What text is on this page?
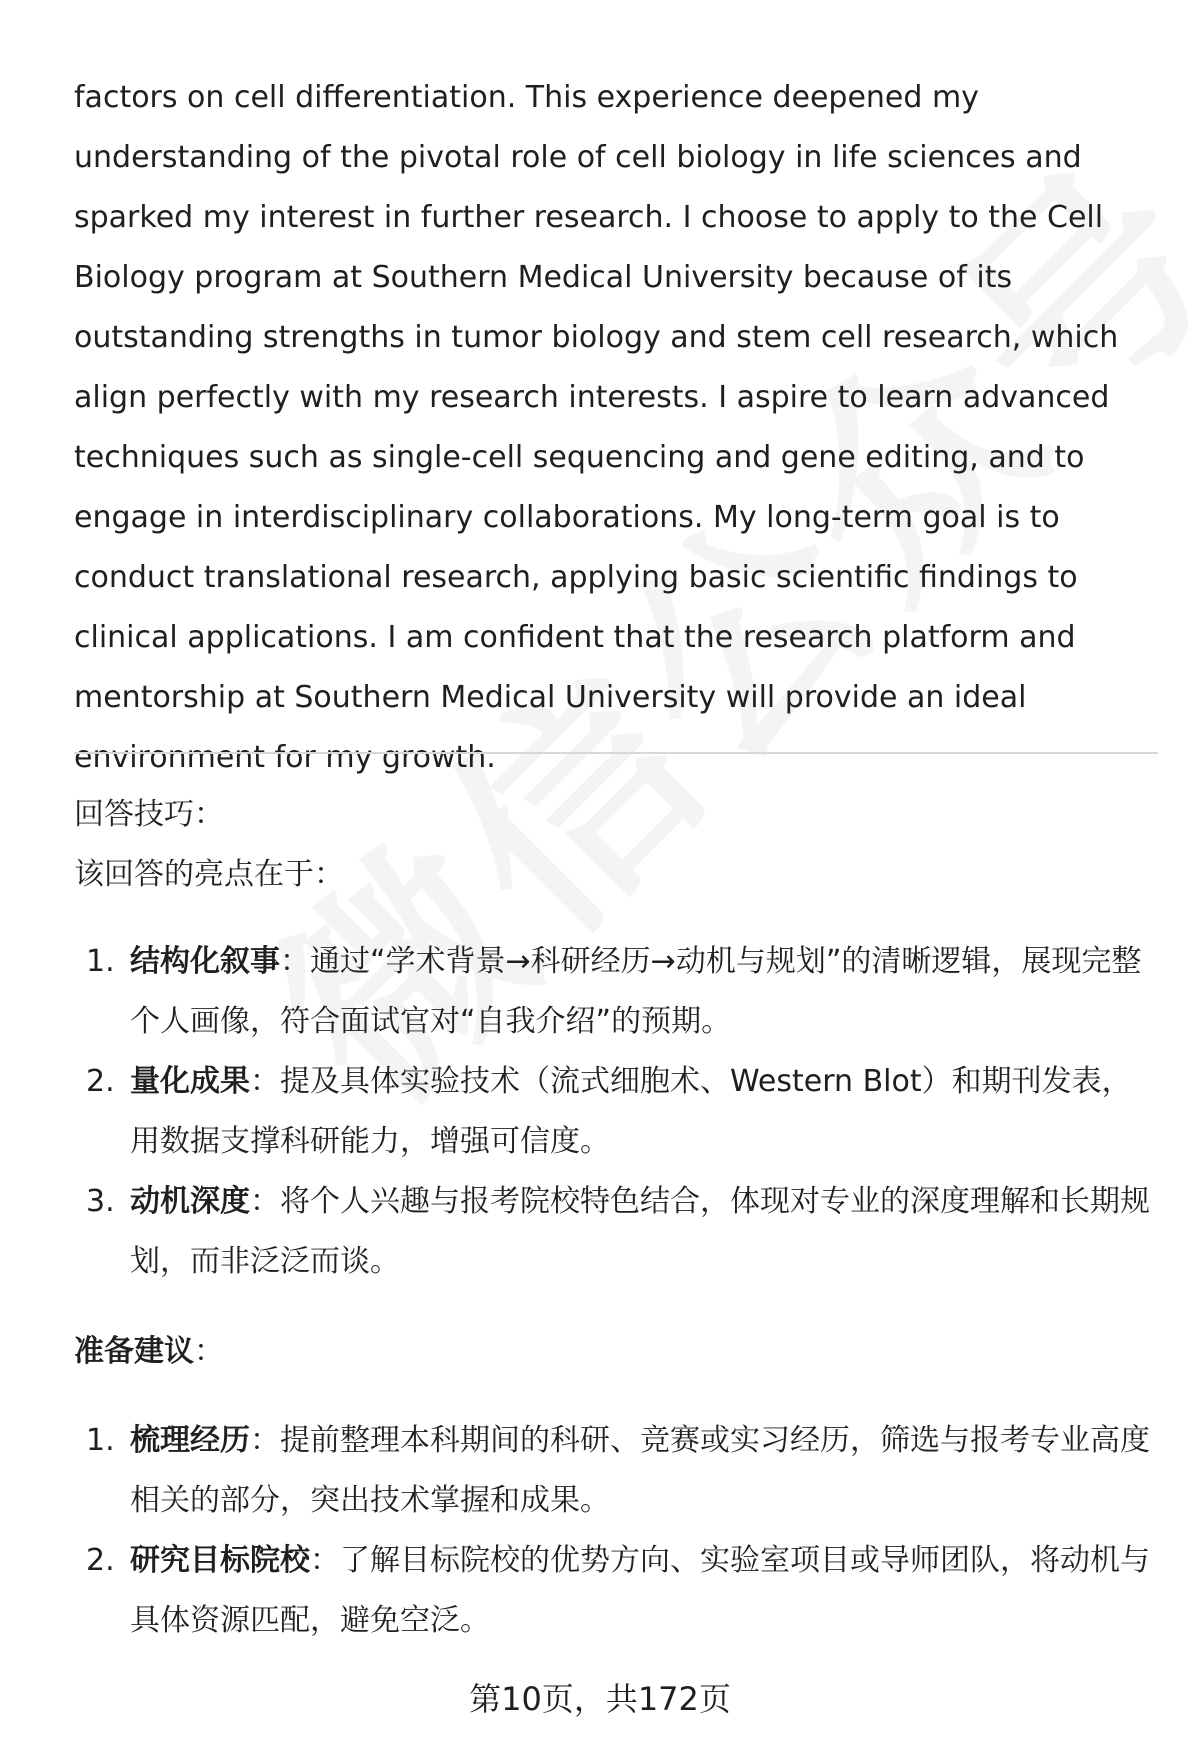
factors on cell differentiation. This experience deepened my understanding of the pivotal role of cell biology in life sciences and sparked my interest in further research. I choose to apply to the Cell Biology program at Southern Medical University because of its outstanding strengths in tumor biology and stem cell research, which align perfectly with my research interests. I aspire to learn advanced techniques such as single-cell sequencing and gene editing, and to engage in interdisciplinary collaborations. My long-term goal is to conduct translational research, applying basic scientific findings to clinical applications. I am confident that the research platform and mentorship at Southern Medical University will provide an ideal environment for my growth.

回答技巧：

该回答的亮点在于：

1. 结构化叙事：通过“学术背景→科研经历→动机与规划”的清晰逻辑，展现完整个人画像，符合面试官对“自我介绍”的预期。
2. 量化成果：提及具体实验技术（流式细胞术、Western Blot）和期刊发表，用数据支撑科研能力，增强可信度。
3. 动机深度：将个人兴趣与报考院校特色结合，体现对专业的深度理解和长期规划，而非泛泛而谈。

准备建议：

1. 梳理经历：提前整理本科期间的科研、竞赛或实习经历，筛选与报考专业高度相关的部分，突出技术掌握和成果。
2. 研究目标院校：了解目标院校的优势方向、实验室项目或导师团队，将动机与具体资源匹配，避免空泛。
第10页，共172页
